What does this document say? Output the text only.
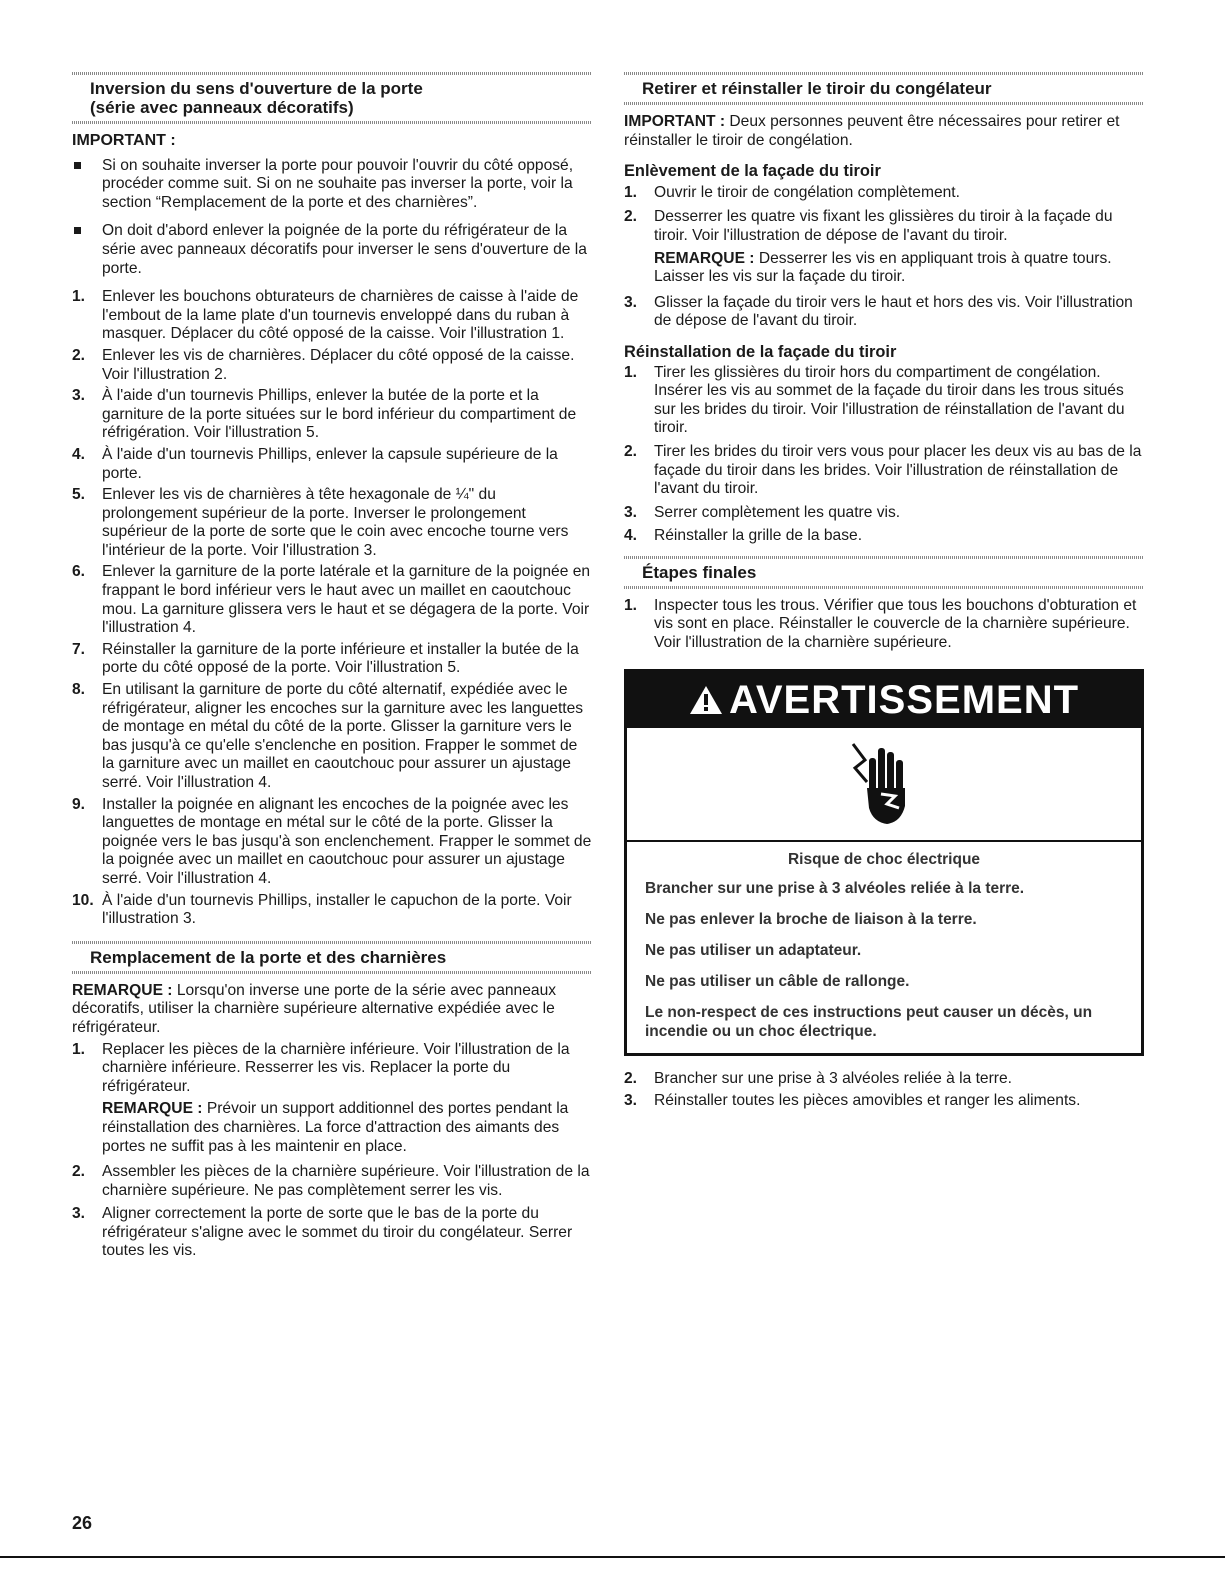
Inversion du sens d'ouverture de la porte
(série avec panneaux décoratifs)

IMPORTANT :

Si on souhaite inverser la porte pour pouvoir l'ouvrir du côté opposé, procéder comme suit. Si on ne souhaite pas inverser la porte, voir la section “Remplacement de la porte et des charnières”.
On doit d'abord enlever la poignée de la porte du réfrigérateur de la série avec panneaux décoratifs pour inverser le sens d'ouverture de la porte.
1. Enlever les bouchons obturateurs de charnières de caisse à l'aide de l'embout de la lame plate d'un tournevis enveloppé dans du ruban à masquer. Déplacer du côté opposé de la caisse. Voir l'illustration 1.
2. Enlever les vis de charnières. Déplacer du côté opposé de la caisse. Voir l'illustration 2.
3. À l'aide d'un tournevis Phillips, enlever la butée de la porte et la garniture de la porte situées sur le bord inférieur du compartiment de réfrigération. Voir l'illustration 5.
4. À l'aide d'un tournevis Phillips, enlever la capsule supérieure de la porte.
5. Enlever les vis de charnières à tête hexagonale de ¼" du prolongement supérieur de la porte. Inverser le prolongement supérieur de la porte de sorte que le coin avec encoche tourne vers l'intérieur de la porte. Voir l'illustration 3.
6. Enlever la garniture de la porte latérale et la garniture de la poignée en frappant le bord inférieur vers le haut avec un maillet en caoutchouc mou. La garniture glissera vers le haut et se dégagera de la porte. Voir l'illustration 4.
7. Réinstaller la garniture de la porte inférieure et installer la butée de la porte du côté opposé de la porte. Voir l'illustration 5.
8. En utilisant la garniture de porte du côté alternatif, expédiée avec le réfrigérateur, aligner les encoches sur la garniture avec les languettes de montage en métal du côté de la porte. Glisser la garniture vers le bas jusqu'à ce qu'elle s'enclenche en position. Frapper le sommet de la garniture avec un maillet en caoutchouc pour assurer un ajustage serré. Voir l'illustration 4.
9. Installer la poignée en alignant les encoches de la poignée avec les languettes de montage en métal sur le côté de la porte. Glisser la poignée vers le bas jusqu'à son enclenchement. Frapper le sommet de la poignée avec un maillet en caoutchouc pour assurer un ajustage serré. Voir l'illustration 4.
10. À l'aide d'un tournevis Phillips, installer le capuchon de la porte. Voir l'illustration 3.
Remplacement de la porte et des charnières

REMARQUE : Lorsqu'on inverse une porte de la série avec panneaux décoratifs, utiliser la charnière supérieure alternative expédiée avec le réfrigérateur.

1. Replacer les pièces de la charnière inférieure. Voir l'illustration de la charnière inférieure. Resserrer les vis. Replacer la porte du réfrigérateur.

REMARQUE : Prévoir un support additionnel des portes pendant la réinstallation des charnières. La force d'attraction des aimants des portes ne suffit pas à les maintenir en place.

2. Assembler les pièces de la charnière supérieure. Voir l'illustration de la charnière supérieure. Ne pas complètement serrer les vis.
3. Aligner correctement la porte de sorte que le bas de la porte du réfrigérateur s'aligne avec le sommet du tiroir du congélateur. Serrer toutes les vis.
Retirer et réinstaller le tiroir du congélateur

IMPORTANT : Deux personnes peuvent être nécessaires pour retirer et réinstaller le tiroir de congélation.

Enlèvement de la façade du tiroir

1. Ouvrir le tiroir de congélation complètement.
2. Desserrer les quatre vis fixant les glissières du tiroir à la façade du tiroir. Voir l'illustration de dépose de l'avant du tiroir.

REMARQUE : Desserrer les vis en appliquant trois à quatre tours. Laisser les vis sur la façade du tiroir.

3. Glisser la façade du tiroir vers le haut et hors des vis. Voir l'illustration de dépose de l'avant du tiroir.

Réinstallation de la façade du tiroir

1. Tirer les glissières du tiroir hors du compartiment de congélation. Insérer les vis au sommet de la façade du tiroir dans les trous situés sur les brides du tiroir. Voir l'illustration de réinstallation de l'avant du tiroir.
2. Tirer les brides du tiroir vers vous pour placer les deux vis au bas de la façade du tiroir dans les brides. Voir l'illustration de réinstallation de l'avant du tiroir.
3. Serrer complètement les quatre vis.
4. Réinstaller la grille de la base.
Étapes finales
1. Inspecter tous les trous. Vérifier que tous les bouchons d'obturation et vis sont en place. Réinstaller le couvercle de la charnière supérieure. Voir l'illustration de la charnière supérieure.
AVERTISSEMENT

Risque de choc électrique

Brancher sur une prise à 3 alvéoles reliée à la terre.

Ne pas enlever la broche de liaison à la terre.

Ne pas utiliser un adaptateur.

Ne pas utiliser un câble de rallonge.

Le non-respect de ces instructions peut causer un décès, un incendie ou un choc électrique.

2. Brancher sur une prise à 3 alvéoles reliée à la terre.
3. Réinstaller toutes les pièces amovibles et ranger les aliments.
26
